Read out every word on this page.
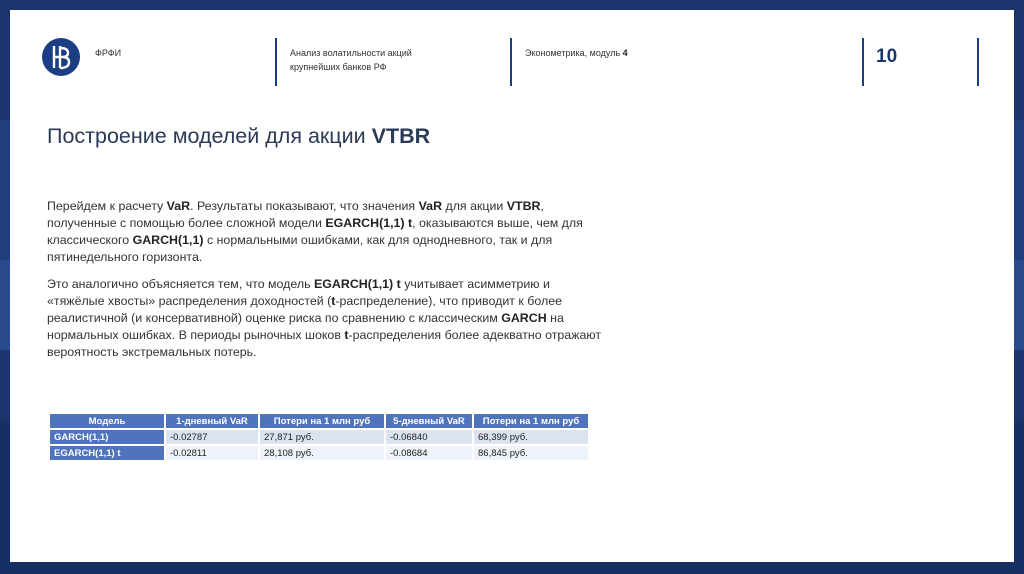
ФРФИ	Анализ волатильности акций
крупнейших банков РФ
Эконометрика, модуль 4	10
Построение моделей для акции VTBR
Перейдем к расчету VaR. Результаты показывают, что значения VaR для акции VTBR, полученные с помощью более сложной модели EGARCH(1,1) t, оказываются выше, чем для классического GARCH(1,1) с нормальными ошибками, как для однодневного, так и для пятинедельного горизонта.
Это аналогично объясняется тем, что модель EGARCH(1,1) t учитывает асимметрию и «тяжёлые хвосты» распределения доходностей (t-распределение), что приводит к более реалистичной (и консервативной) оценке риска по сравнению с классическим GARCH на нормальных ошибках. В периоды рыночных шоков t-распределения более адекватно отражают вероятность экстремальных потерь.
Модель	1-дневный VaR	Потери на 1 млн руб	5-дневный VaR	Потери на 1 млн руб
GARCH(1,1)	-0.02787	27,871 руб.	-0.06840	68,399 руб.
EGARCH(1,1) t	-0.02811	28,108 руб.	-0.08684	86,845 руб.
